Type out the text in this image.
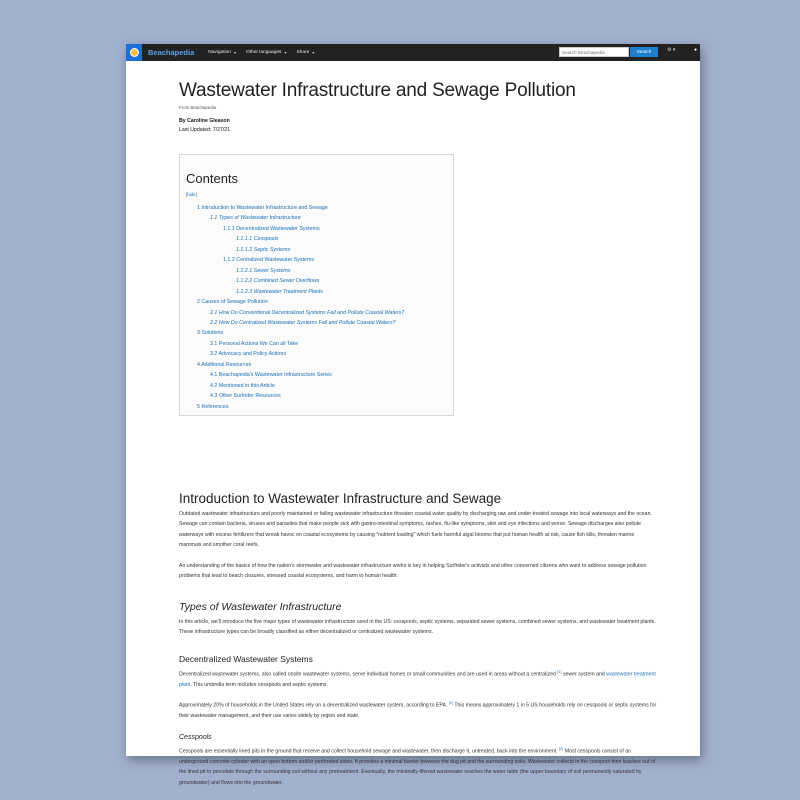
Beachapedia	Navigation ▾ Other languages ▾ Share ▾
Search Beachapedia	Search	⚙ ▾	●
Wastewater Infrastructure and Sewage Pollution
From Beachapedia
By Caroline Gleason
Last Updated: 7/27/21
Contents
[hide]
1 Introduction to Wastewater Infrastructure and Sewage
1.1 Types of Wastewater Infrastructure
1.1.1 Decentralized Wastewater Systems
1.1.1.1 Cesspools
1.1.1.2 Septic Systems
1.1.2 Centralized Wastewater Systems
1.1.2.1 Sewer Systems
1.1.2.2 Combined Sewer Overflows
1.1.2.3 Wastewater Treatment Plants
2 Causes of Sewage Pollution
2.1 How Do Conventional Decentralized Systems Fail and Pollute Coastal Waters?
2.2 How Do Centralized Wastewater Systems Fail and Pollute Coastal Waters?
3 Solutions
3.1 Personal Actions We Can all Take
3.2 Advocacy and Policy Actions
4 Additional Resources
4.1 Beachapedia's Wastewater Infrastructure Series
4.2 Mentioned in this Article
4.3 Other Surfrider Resources
5 References
Introduction to Wastewater Infrastructure and Sewage

Outdated wastewater infrastructure and poorly maintained or failing wastewater infrastructure threaten coastal water quality by discharging raw and under-treated sewage into local waterways and the ocean. Sewage can contain bacteria, viruses and parasites that make people sick with gastro-intestinal symptoms, rashes, flu-like symptoms, skin and eye infections and worse. Sewage discharges also pollute waterways with excess fertilizers that wreak havoc on coastal ecosystems by causing "nutrient loading" which fuels harmful algal blooms that put human health at risk, cause fish kills, threaten marine mammals and smother coral reefs.

An understanding of the basics of how the nation's stormwater and wastewater infrastructure works is key in helping Surfrider's activists and other concerned citizens who want to address sewage pollution problems that lead to beach closures, stressed coastal ecosystems, and harm to human health.

Types of Wastewater Infrastructure

In this article, we'll introduce the five major types of wastewater infrastructure used in the US: cesspools, septic systems, separated sewer systems, combined sewer systems, and wastewater treatment plants. These infrastructure types can be broadly classified as either decentralized or centralized wastewater systems.

Decentralized Wastewater Systems

Decentralized wastewater systems, also called onsite wastewater systems, serve individual homes or small communities and are used in areas without a centralized [1] sewer system and wastewater treatment plant. This umbrella term includes cesspools and septic systems.

Approximately 20% of households in the United States rely on a decentralized wastewater system, according to EPA. [1] This means approximately 1 in 5 US households rely on cesspools or septic systems for their wastewater management, and their use varies widely by region and state.

Cesspools

Cesspools are essentially lined pits in the ground that receive and collect household sewage and wastewater, then discharge it, untreated, back into the environment. [2] Most cesspools consist of an underground concrete cylinder with an open bottom and/or perforated sides. It provides a minimal barrier between the dug pit and the surrounding soils. Wastewater collects in the cesspool then leaches out of the lined pit to percolate through the surrounding soil without any pretreatment. Eventually, the minimally-filtered wastewater reaches the water table (the upper boundary of soil permanently saturated by groundwater) and flows into the groundwater.
